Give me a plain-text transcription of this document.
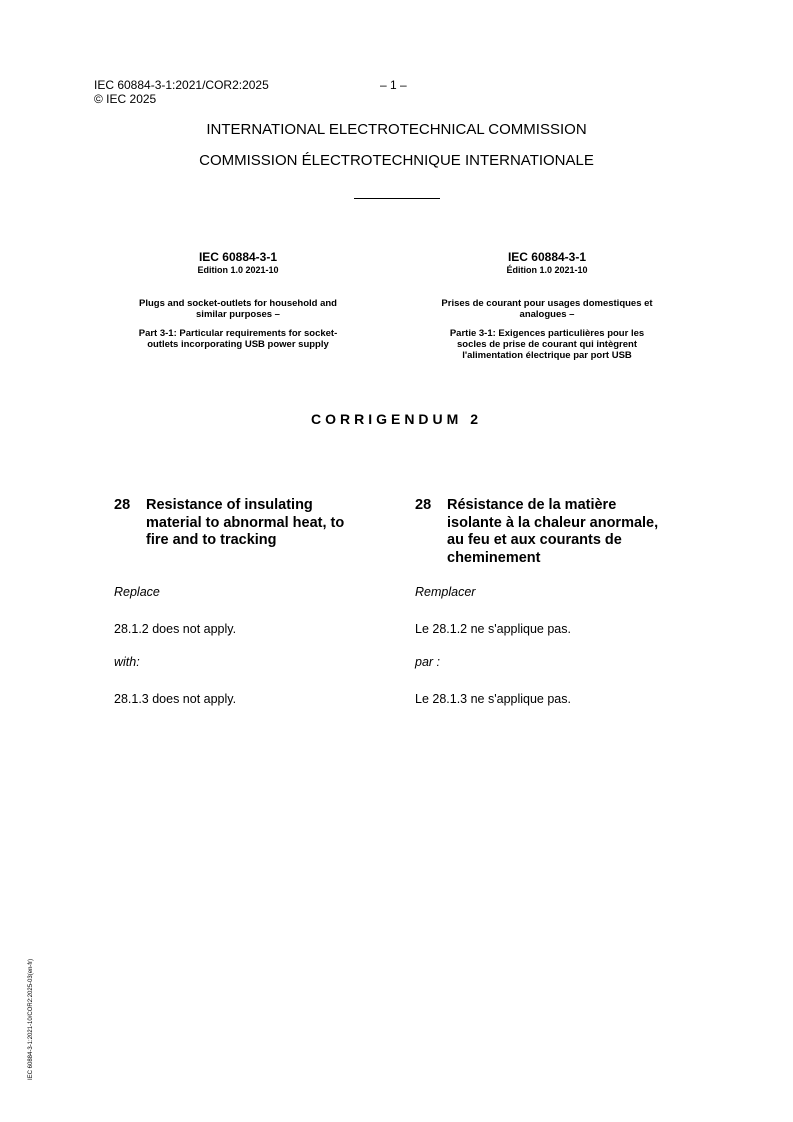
IEC 60884-3-1:2021/COR2:2025	– 1 –
© IEC 2025
INTERNATIONAL ELECTROTECHNICAL COMMISSION
COMMISSION ÉLECTROTECHNIQUE INTERNATIONALE
IEC 60884-3-1
Edition 1.0 2021-10
Plugs and socket-outlets for household and
similar purposes –
Part 3-1: Particular requirements for socket-
outlets incorporating USB power supply
IEC 60884-3-1
Édition 1.0 2021-10
Prises de courant pour usages domestiques et
analogues –
Partie 3-1: Exigences particulières pour les
socles de prise de courant qui intègrent
l'alimentation électrique par port USB
CORRIGENDUM 2
28	Resistance of insulating
material to abnormal heat, to
fire and to tracking
28	Résistance de la matière
isolante à la chaleur anormale,
au feu et aux courants de
cheminement
Replace
28.1.2 does not apply.
with:
28.1.3 does not apply.
Remplacer
Le 28.1.2 ne s'applique pas.
par :
Le 28.1.3 ne s'applique pas.
IEC 60884-3-1:2021-10/COR2:2025-03(en-fr)
